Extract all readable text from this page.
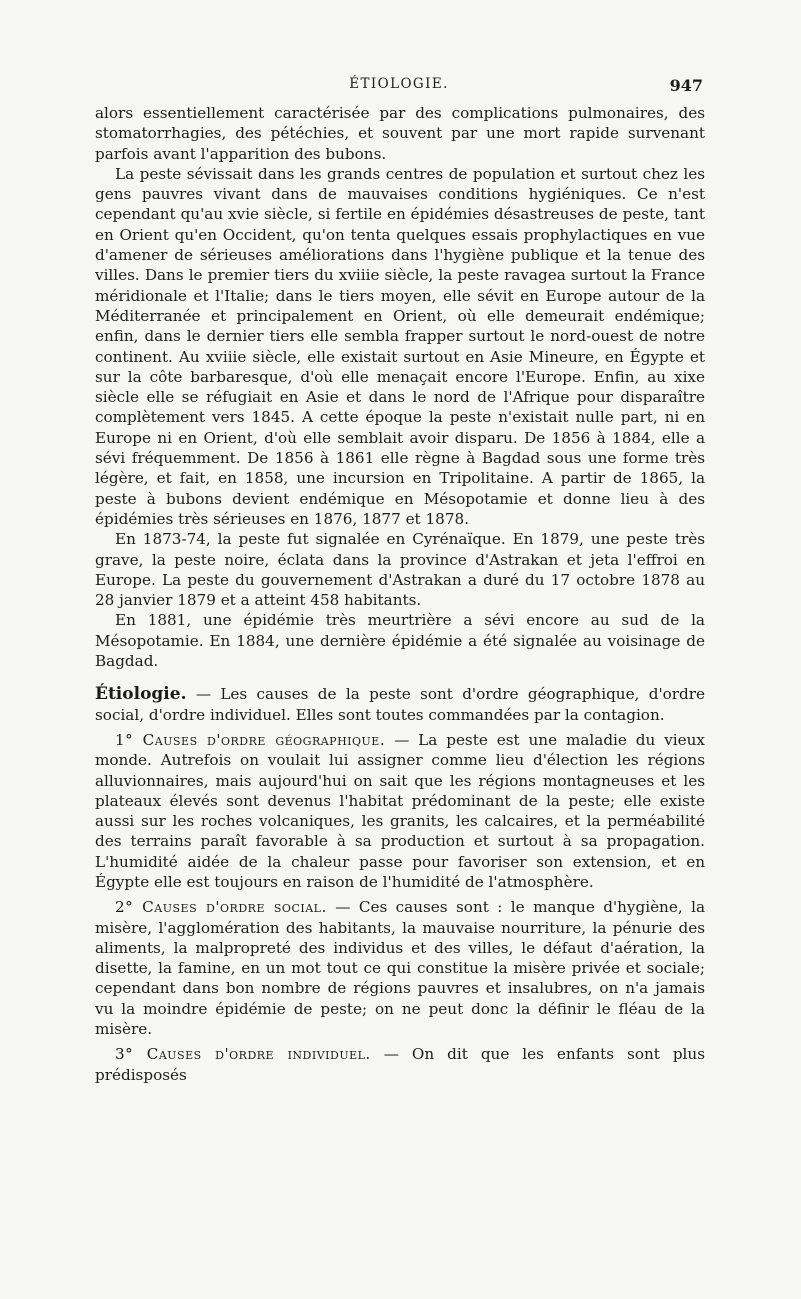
ÉTIOLOGIE.	947

alors essentiellement caractérisée par des complications pulmonaires, des stomatorrhagies, des pétéchies, et souvent par une mort rapide survenant parfois avant l'apparition des bubons.

La peste sévissait dans les grands centres de population et surtout chez les gens pauvres vivant dans de mauvaises conditions hygiéniques. Ce n'est cependant qu'au xvie siècle, si fertile en épidémies désastreuses de peste, tant en Orient qu'en Occident, qu'on tenta quelques essais prophylactiques en vue d'amener de sérieuses améliorations dans l'hygiène publique et la tenue des villes. Dans le premier tiers du xviiie siècle, la peste ravagea surtout la France méridionale et l'Italie; dans le tiers moyen, elle sévit en Europe autour de la Méditerranée et principalement en Orient, où elle demeurait endémique; enfin, dans le dernier tiers elle sembla frapper surtout le nord-ouest de notre continent. Au xviiie siècle, elle existait surtout en Asie Mineure, en Égypte et sur la côte barbaresque, d'où elle menaçait encore l'Europe. Enfin, au xixe siècle elle se réfugiait en Asie et dans le nord de l'Afrique pour disparaître complètement vers 1845. A cette époque la peste n'existait nulle part, ni en Europe ni en Orient, d'où elle semblait avoir disparu. De 1856 à 1884, elle a sévi fréquemment. De 1856 à 1861 elle règne à Bagdad sous une forme très légère, et fait, en 1858, une incursion en Tripolitaine. A partir de 1865, la peste à bubons devient endémique en Mésopotamie et donne lieu à des épidémies très sérieuses en 1876, 1877 et 1878.

En 1873-74, la peste fut signalée en Cyrénaïque. En 1879, une peste très grave, la peste noire, éclata dans la province d'Astrakan et jeta l'effroi en Europe. La peste du gouvernement d'Astrakan a duré du 17 octobre 1878 au 28 janvier 1879 et a atteint 458 habitants.

En 1881, une épidémie très meurtrière a sévi encore au sud de la Mésopotamie. En 1884, une dernière épidémie a été signalée au voisinage de Bagdad.

Étiologie. — Les causes de la peste sont d'ordre géographique, d'ordre social, d'ordre individuel. Elles sont toutes commandées par la contagion.

1° Causes d'ordre géographique. — La peste est une maladie du vieux monde. Autrefois on voulait lui assigner comme lieu d'élection les régions alluvionnaires, mais aujourd'hui on sait que les régions montagneuses et les plateaux élevés sont devenus l'habitat prédominant de la peste; elle existe aussi sur les roches volcaniques, les granits, les calcaires, et la perméabilité des terrains paraît favorable à sa production et surtout à sa propagation. L'humidité aidée de la chaleur passe pour favoriser son extension, et en Égypte elle est toujours en raison de l'humidité de l'atmosphère.

2° Causes d'ordre social. — Ces causes sont : le manque d'hygiène, la misère, l'agglomération des habitants, la mauvaise nourriture, la pénurie des aliments, la malpropreté des individus et des villes, le défaut d'aération, la disette, la famine, en un mot tout ce qui constitue la misère privée et sociale; cependant dans bon nombre de régions pauvres et insalubres, on n'a jamais vu la moindre épidémie de peste; on ne peut donc la définir le fléau de la misère.

3° Causes d'ordre individuel. — On dit que les enfants sont plus prédisposés
